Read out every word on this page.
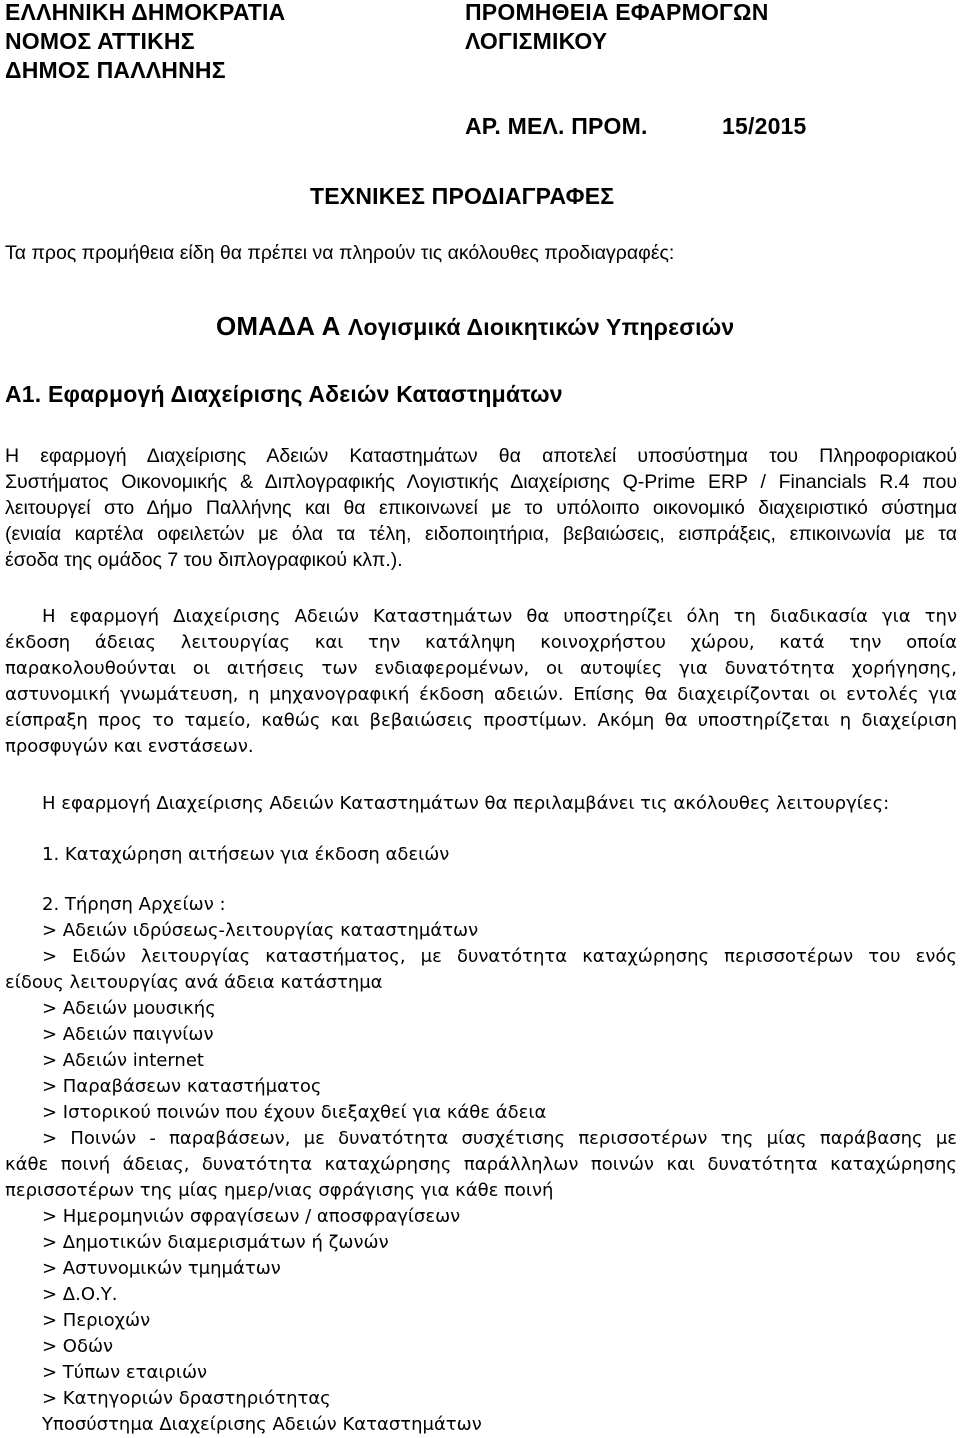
ΕΛΛΗΝΙΚΗ ΔΗΜΟΚΡΑΤΙΑ

ΝΟΜΟΣ ΑΤΤΙΚΗΣ

ΔΗΜΟΣ ΠΑΛΛΗΝΗΣ

ΠΡΟΜΗΘΕΙΑ ΕΦΑΡΜΟΓΩΝ

ΛΟΓΙΣΜΙΚΟΥ

ΑΡ. ΜΕΛ. ΠΡΟΜ.	15/2015

ΤΕΧΝΙΚΕΣ ΠΡΟΔΙΑΓΡΑΦΕΣ

Τα προς προμήθεια είδη θα πρέπει να πληρούν τις ακόλουθες προδιαγραφές:

ΟΜΑΔΑ Α Λογισμικά Διοικητικών Υπηρεσιών

Α1. Εφαρμογή Διαχείρισης Αδειών Καταστημάτων

Η εφαρμογή Διαχείρισης Αδειών Καταστημάτων θα αποτελεί υποσύστημα του Πληροφοριακού

Συστήματος Οικονομικής & Διπλογραφικής Λογιστικής Διαχείρισης Q-Prime ERP / Financials R.4 που

λειτουργεί στο Δήμο Παλλήνης και θα επικοινωνεί με το υπόλοιπο οικονομικό διαχειριστικό σύστημα

(ενιαία καρτέλα οφειλετών με όλα τα τέλη, ειδοποιητήρια, βεβαιώσεις, εισπράξεις, επικοινωνία με τα

έσοδα της ομάδος 7 του διπλογραφικού κλπ.).

Η εφαρμογή Διαχείρισης Αδειών Καταστημάτων θα υποστηρίζει όλη τη διαδικασία για την

έκδοση άδειας λειτουργίας και την κατάληψη κοινοχρήστου χώρου, κατά την οποία

παρακολουθούνται οι αιτήσεις των ενδιαφερομένων, οι αυτοψίες για δυνατότητα χορήγησης,

αστυνομική γνωμάτευση, η μηχανογραφική έκδοση αδειών. Επίσης θα διαχειρίζονται οι εντολές για

είσπραξη προς το ταμείο, καθώς και βεβαιώσεις προστίμων. Ακόμη θα υποστηρίζεται η διαχείριση

προσφυγών και ενστάσεων.

Η εφαρμογή Διαχείρισης Αδειών Καταστημάτων θα περιλαμβάνει τις ακόλουθες λειτουργίες:

1. Καταχώρηση αιτήσεων για έκδοση αδειών

2. Τήρηση Αρχείων :

> Αδειών ιδρύσεως-λειτουργίας καταστημάτων

> Ειδών λειτουργίας καταστήματος, με δυνατότητα καταχώρησης περισσοτέρων του ενός

είδους λειτουργίας ανά άδεια κατάστημα

> Αδειών μουσικής

> Αδειών παιγνίων

> Αδειών internet

> Παραβάσεων καταστήματος

> Ιστορικού ποινών που έχουν διεξαχθεί για κάθε άδεια

> Ποινών - παραβάσεων, με δυνατότητα συσχέτισης περισσοτέρων της μίας παράβασης με

κάθε ποινή άδειας, δυνατότητα καταχώρησης παράλληλων ποινών και δυνατότητα καταχώρησης

περισσοτέρων της μίας ημερ/νιας σφράγισης για κάθε ποινή

> Ημερομηνιών σφραγίσεων / αποσφραγίσεων

> Δημοτικών διαμερισμάτων ή ζωνών

> Αστυνομικών τμημάτων

> Δ.Ο.Υ.

> Περιοχών

> Οδών

> Τύπων εταιριών

> Κατηγοριών δραστηριότητας

Υποσύστημα Διαχείρισης Αδειών Καταστημάτων
